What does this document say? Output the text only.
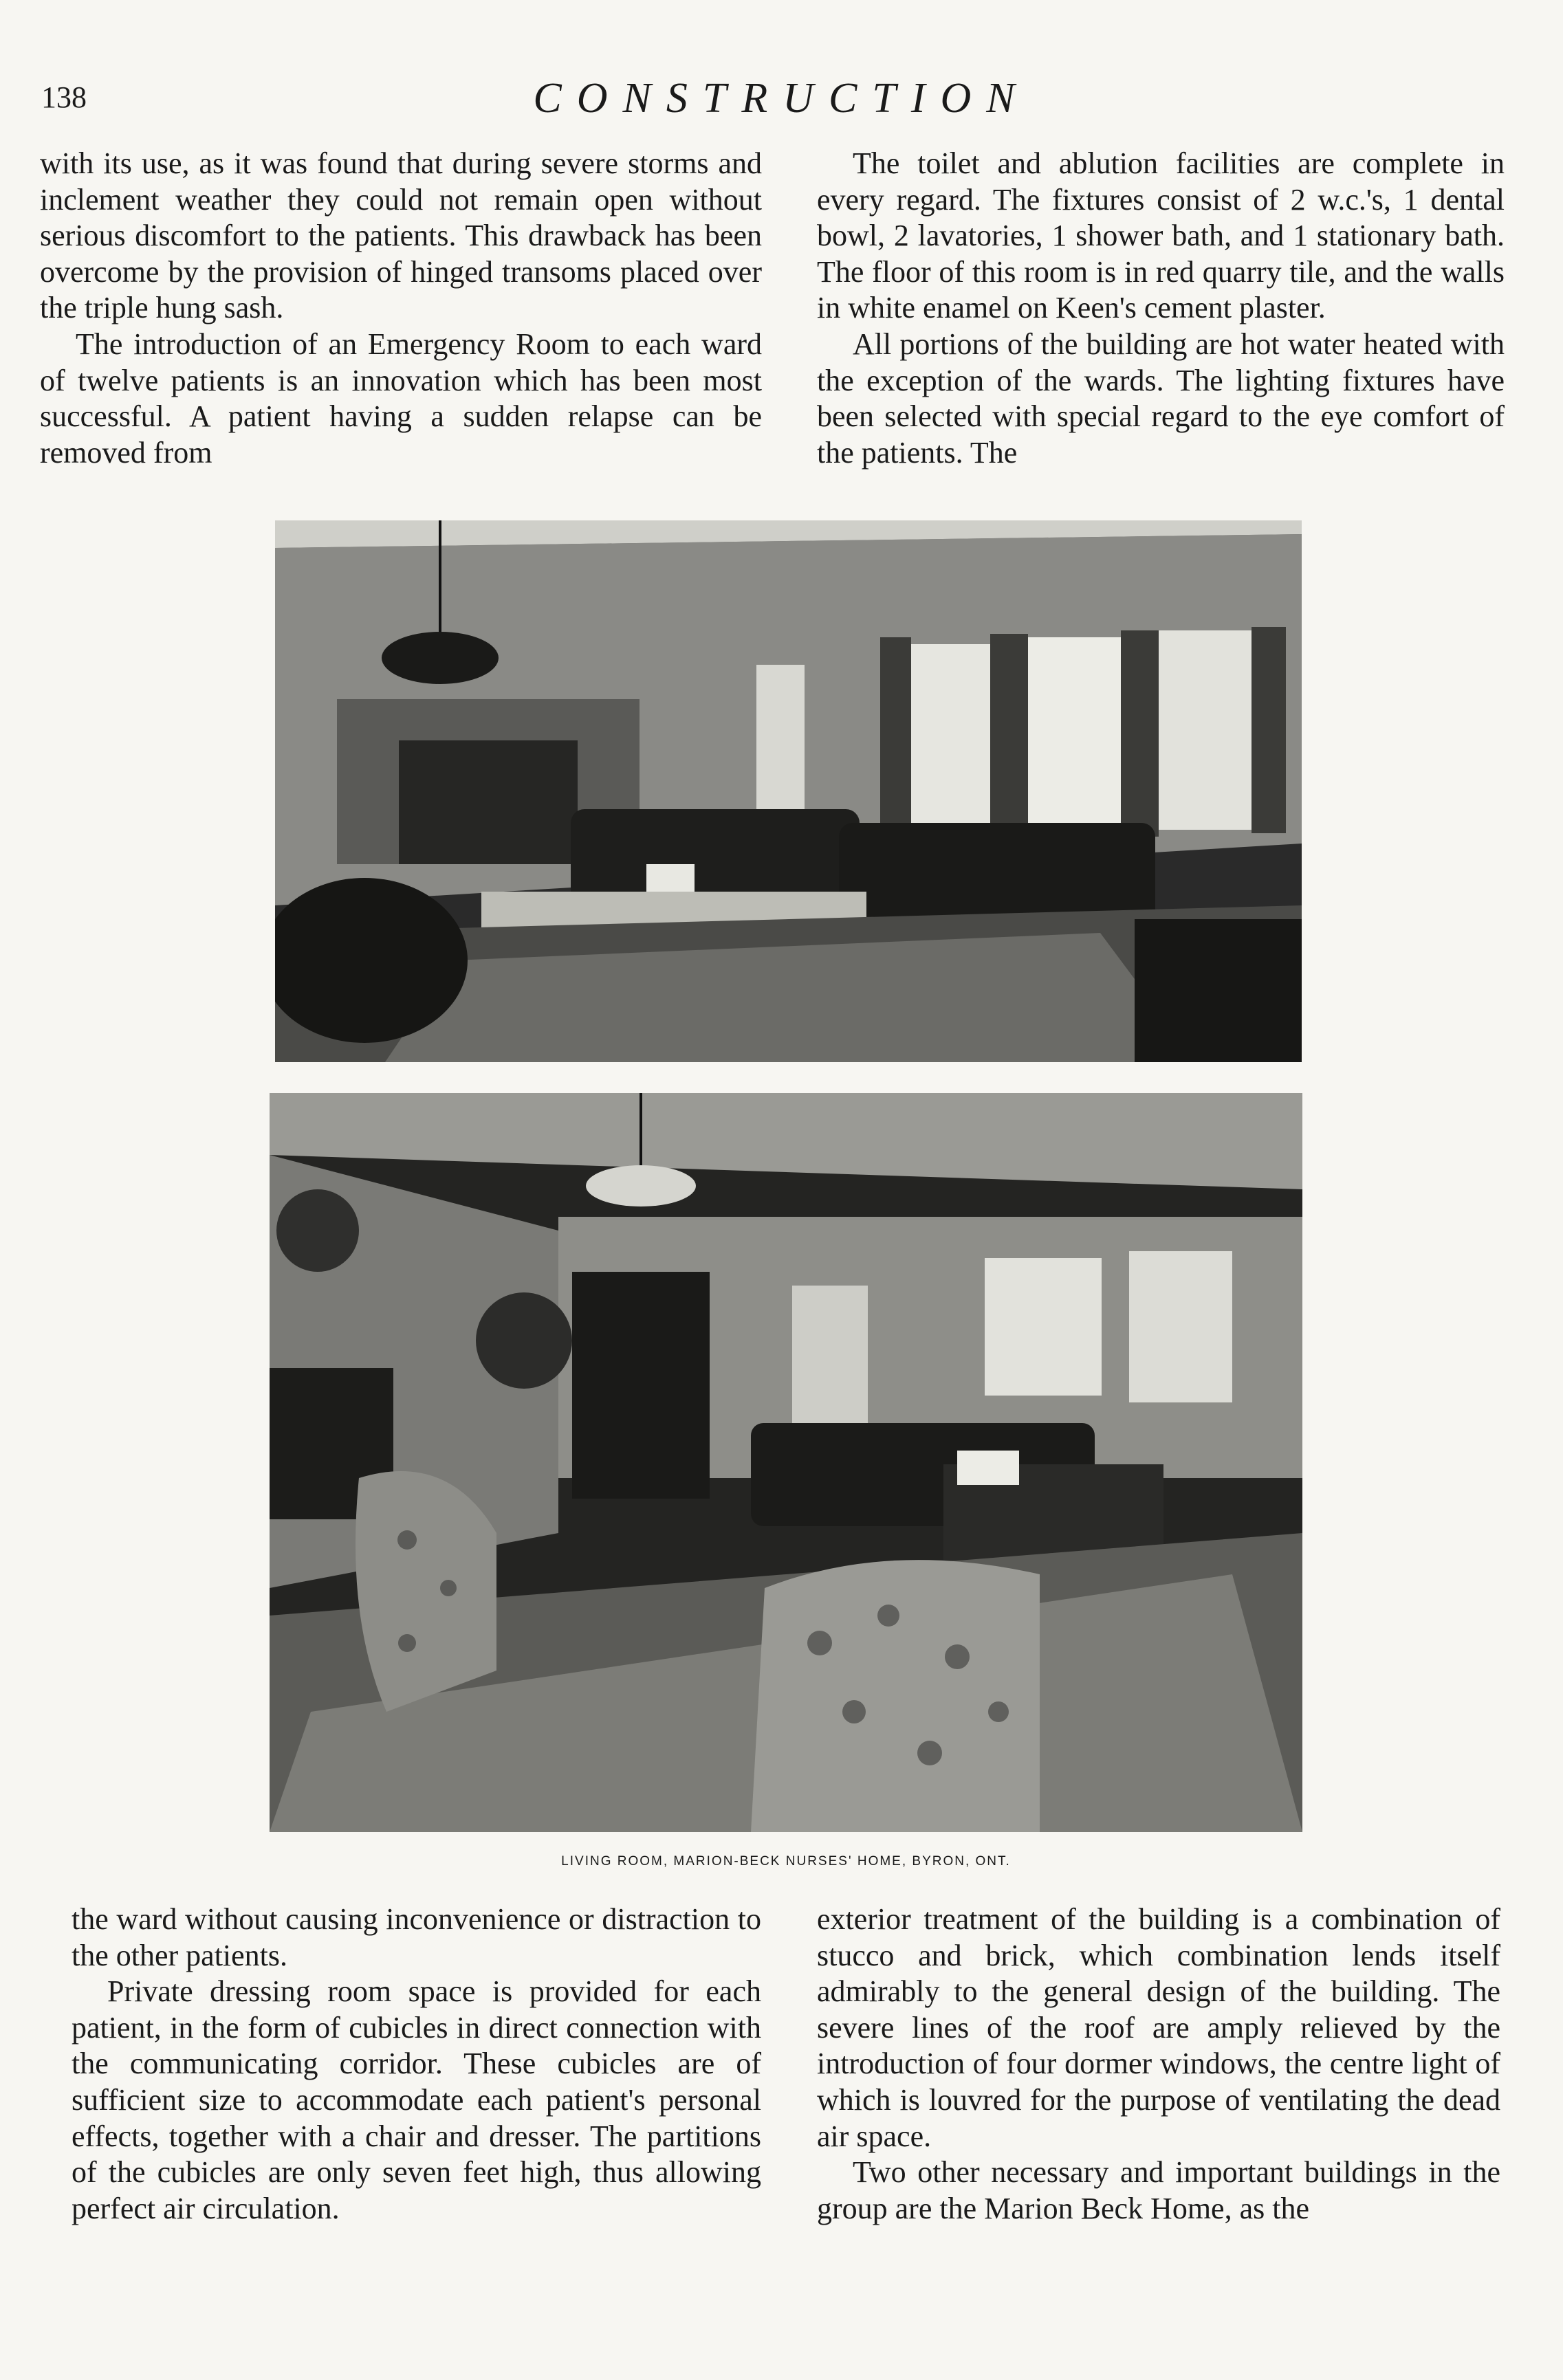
138	CONSTRUCTION

with its use, as it was found that during severe storms and inclement weather they could not remain open without serious discomfort to the patients. This drawback has been overcome by the provision of hinged transoms placed over the triple hung sash.

The introduction of an Emergency Room to each ward of twelve patients is an innovation which has been most successful. A patient having a sudden relapse can be removed from

The toilet and ablution facilities are complete in every regard. The fixtures consist of 2 w.c.'s, 1 dental bowl, 2 lavatories, 1 shower bath, and 1 stationary bath. The floor of this room is in red quarry tile, and the walls in white enamel on Keen's cement plaster.

All portions of the building are hot water heated with the exception of the wards. The lighting fixtures have been selected with special regard to the eye comfort of the patients. The

LIVING ROOM, MARION-BECK NURSES' HOME, BYRON, ONT.

the ward without causing inconvenience or distraction to the other patients.

Private dressing room space is provided for each patient, in the form of cubicles in direct connection with the communicating corridor. These cubicles are of sufficient size to accommodate each patient's personal effects, together with a chair and dresser. The partitions of the cubicles are only seven feet high, thus allowing perfect air circulation.

exterior treatment of the building is a combination of stucco and brick, which combination lends itself admirably to the general design of the building. The severe lines of the roof are amply relieved by the introduction of four dormer windows, the centre light of which is louvred for the purpose of ventilating the dead air space.

Two other necessary and important buildings in the group are the Marion Beck Home, as the
